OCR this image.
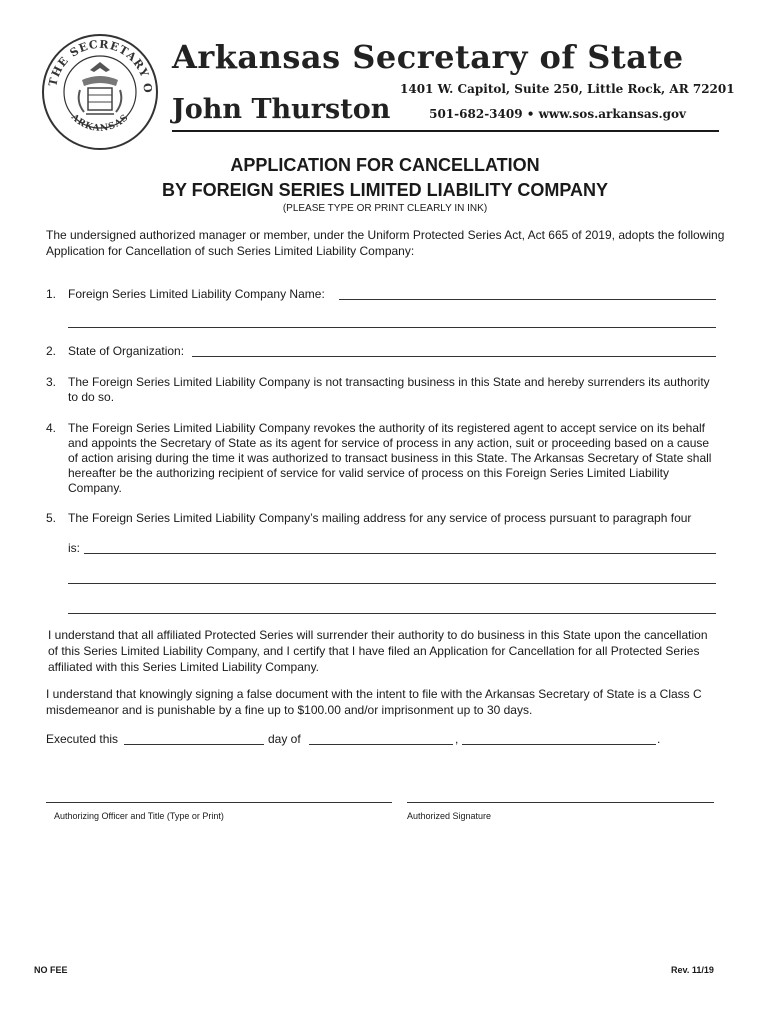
THE SECRETARY O
ARKANSAS
Arkansas Secretary of State
John Thurston
1401 W. Capitol, Suite 250, Little Rock, AR 72201
501-682-3409 • www.sos.arkansas.gov
APPLICATION FOR CANCELLATION
BY FOREIGN SERIES LIMITED LIABILITY COMPANY
(PLEASE TYPE OR PRINT CLEARLY IN INK)
The undersigned authorized manager or member, under the Uniform Protected Series Act, Act 665 of 2019, adopts the following Application for Cancellation of such Series Limited Liability Company:
1. Foreign Series Limited Liability Company Name:
2. State of Organization:
3. The Foreign Series Limited Liability Company is not transacting business in this State and hereby surrenders its authority to do so.
4. The Foreign Series Limited Liability Company revokes the authority of its registered agent to accept service on its behalf and appoints the Secretary of State as its agent for service of process in any action, suit or proceeding based on a cause of action arising during the time it was authorized to transact business in this State. The Arkansas Secretary of State shall hereafter be the authorizing recipient of service for valid service of process on this Foreign Series Limited Liability Company.
5. The Foreign Series Limited Liability Company’s mailing address for any service of process pursuant to paragraph four
is:
I understand that all affiliated Protected Series will surrender their authority to do business in this State upon the cancellation of this Series Limited Liability Company, and I certify that I have filed an Application for Cancellation for all Protected Series affiliated with this Series Limited Liability Company.
I understand that knowingly signing a false document with the intent to file with the Arkansas Secretary of State is a Class C misdemeanor and is punishable by a fine up to $100.00 and/or imprisonment up to 30 days.
Executed this	day of	,	.
Authorizing Officer and Title (Type or Print)	Authorized Signature
NO FEE	Rev. 11/19
